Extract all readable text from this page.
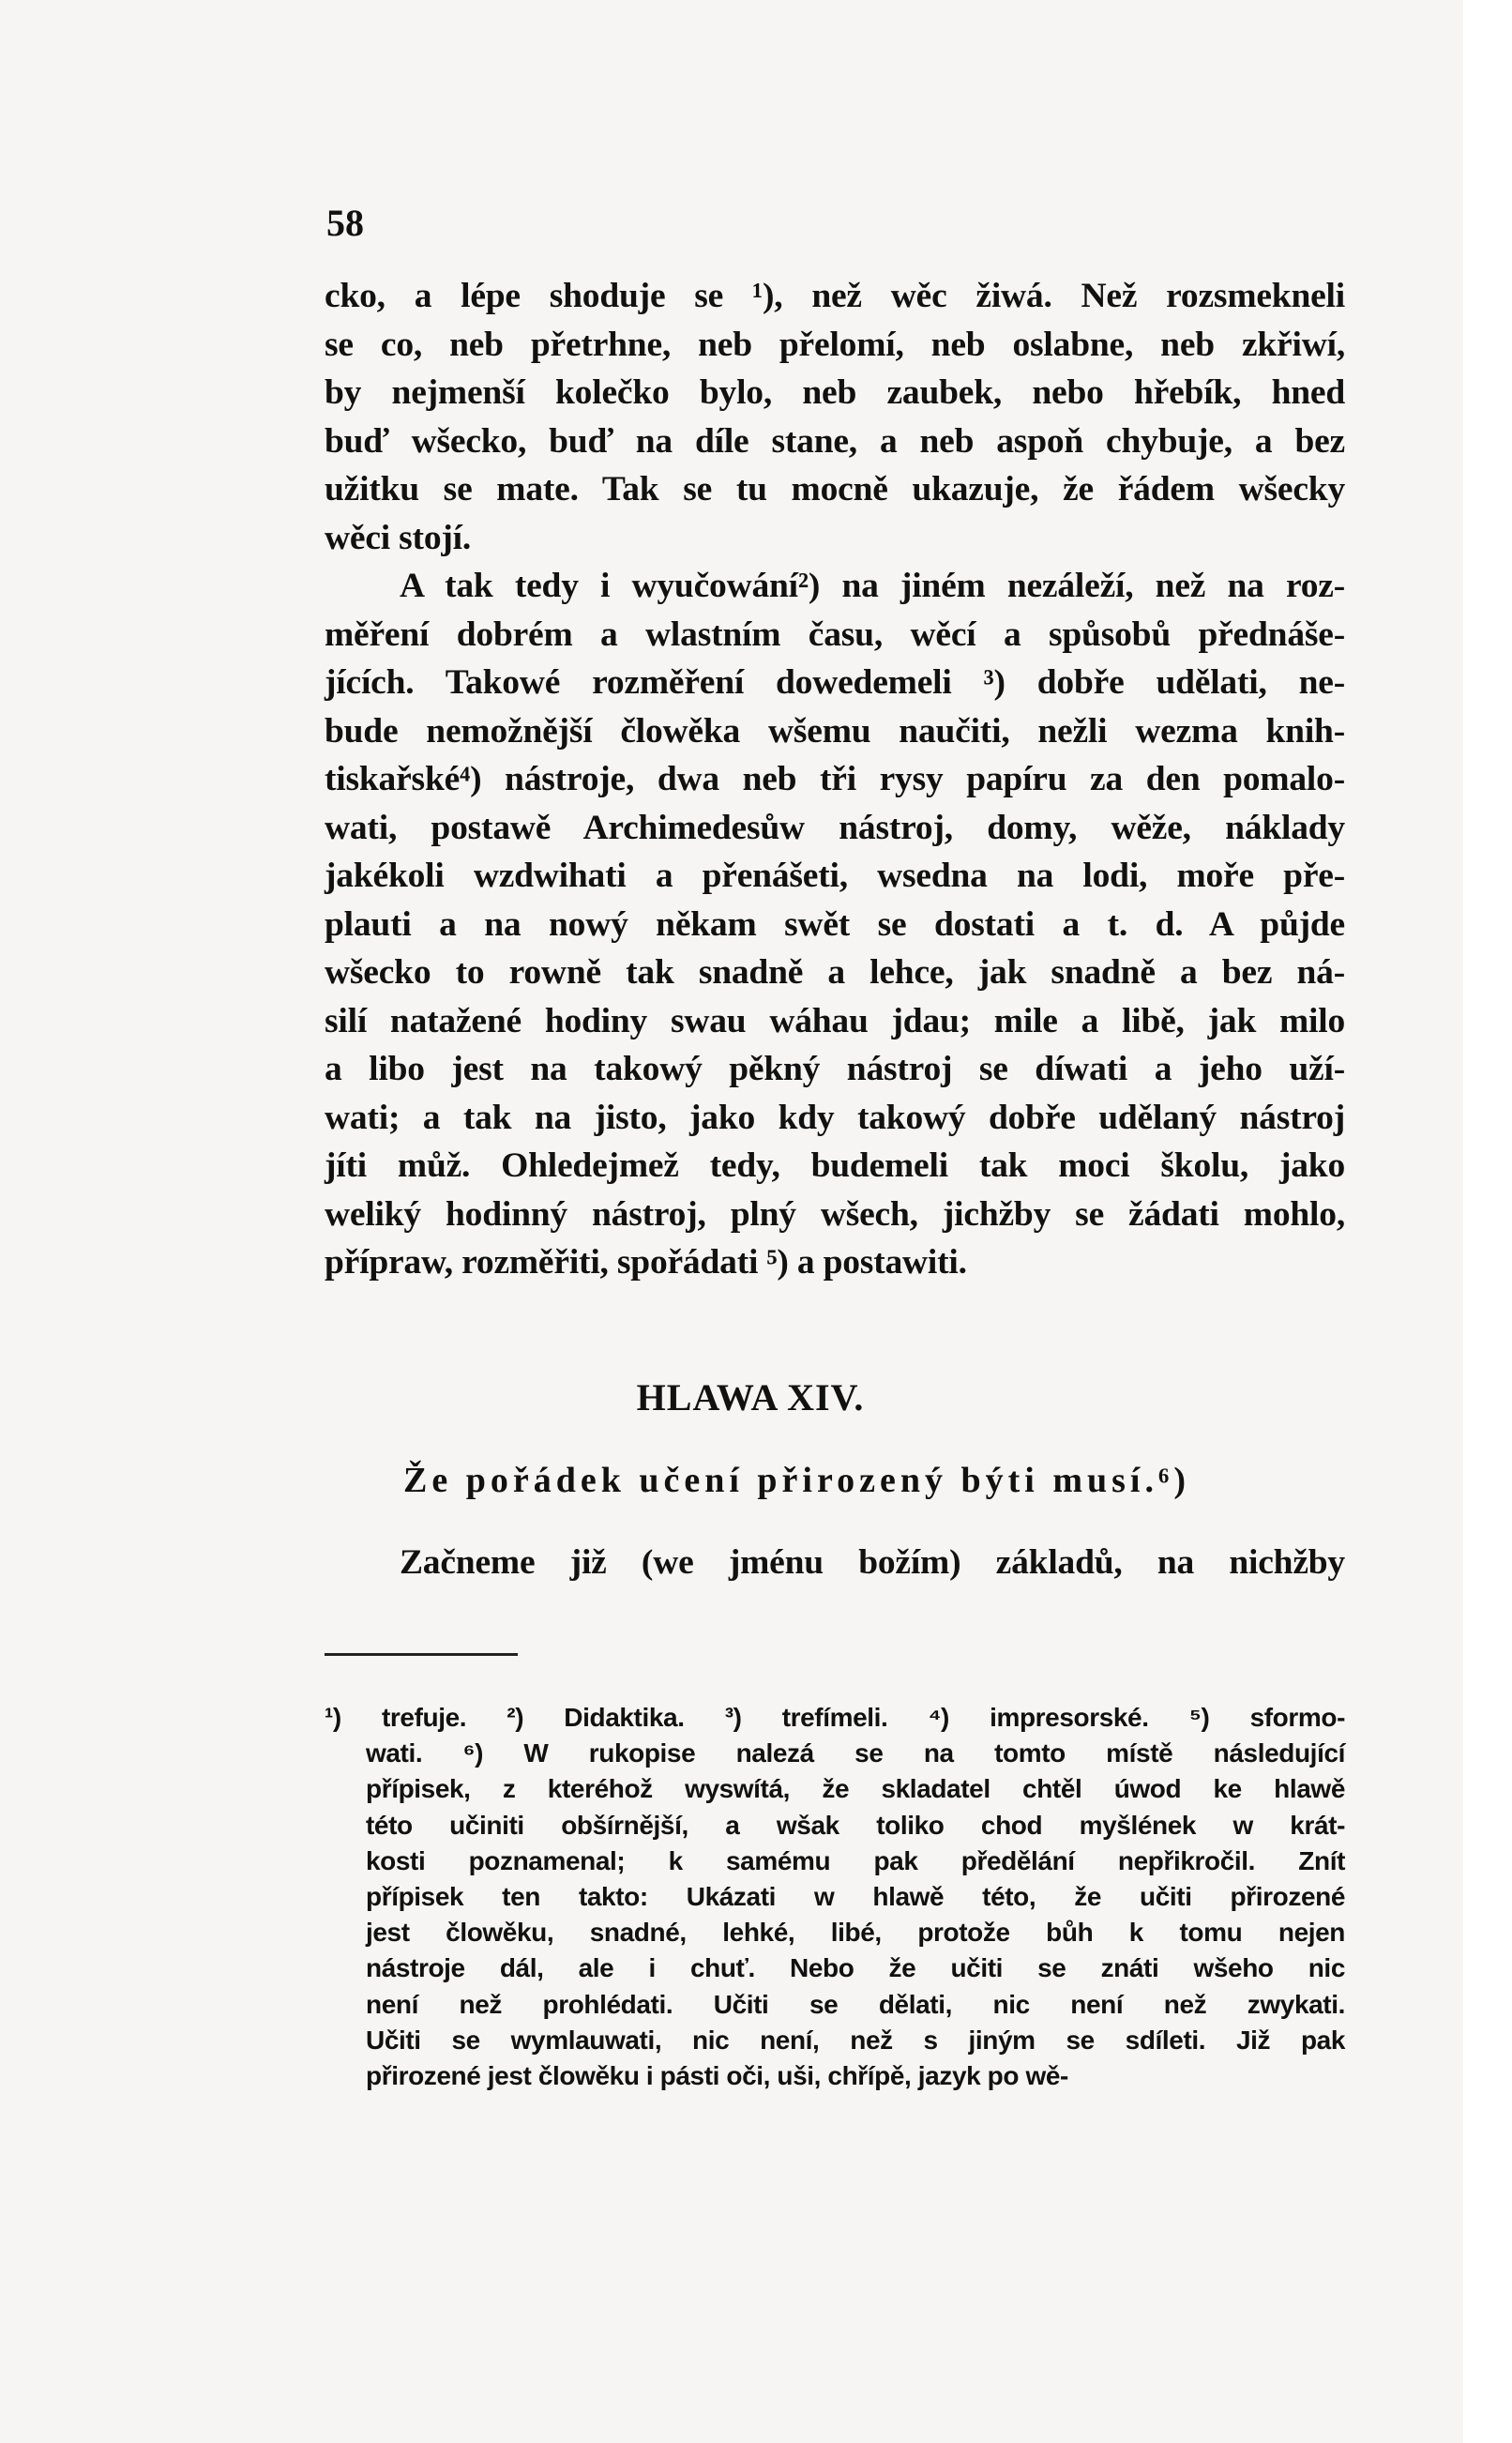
58
cko, a lépe shoduje se ¹), než wěc žiwá. Než rozsmekneli
se co, neb přetrhne, neb přelomí, neb oslabne, neb zkřiwí,
by nejmenší kolečko bylo, neb zaubek, nebo hřebík, hned
buď wšecko, buď na díle stane, a neb aspoň chybuje, a bez
užitku se mate. Tak se tu mocně ukazuje, že řádem wšecky
wěci stojí.
A tak tedy i wyučowání²) na jiném nezáleží, než na roz-
měření dobrém a wlastním času, wěcí a spůsobů přednáše-
jících. Takowé rozměření dowedemeli ³) dobře udělati, ne-
bude nemožnější člowěka wšemu naučiti, nežli wezma knih-
tiskařské⁴) nástroje, dwa neb tři rysy papíru za den pomalo-
wati, postawě Archimedesůw nástroj, domy, wěže, náklady
jakékoli wzdwihati a přenášeti, wsedna na lodi, moře pře-
plauti a na nowý někam swět se dostati a t. d. A půjde
wšecko to rowně tak snadně a lehce, jak snadně a bez ná-
silí natažené hodiny swau wáhau jdau; mile a libě, jak milo
a libo jest na takowý pěkný nástroj se díwati a jeho uží-
wati; a tak na jisto, jako kdy takowý dobře udělaný nástroj
jíti můž. Ohledejmež tedy, budemeli tak moci školu, jako
weliký hodinný nástroj, plný wšech, jichžby se žádati mohlo,
přípraw, rozměřiti, spořádati ⁵) a postawiti.
HLAWA XIV.
Že pořádek učení přirozený býti musí.⁶)
Začneme již (we jménu božím) základů, na nichžby
¹) trefuje. ²) Didaktika. ³) trefímeli. ⁴) impresorské. ⁵) sformo-
wati. ⁶) W rukopise nalezá se na tomto místě následující
přípisek, z kteréhož wyswítá, že skladatel chtěl úwod ke hlawě
této učiniti obšírnější, a wšak toliko chod myšlének w krát-
kosti poznamenal; k samému pak předělání nepřikročil. Znít
přípisek ten takto: Ukázati w hlawě této, že učiti přirozené
jest člowěku, snadné, lehké, libé, protože bůh k tomu nejen
nástroje dál, ale i chuť. Nebo že učiti se znáti wšeho nic
není než prohlédati. Učiti se dělati, nic není než zwykati.
Učiti se wymlauwati, nic není, než s jiným se sdíleti. Již pak
přirozené jest člowěku i pásti oči, uši, chřípě, jazyk po wě-
